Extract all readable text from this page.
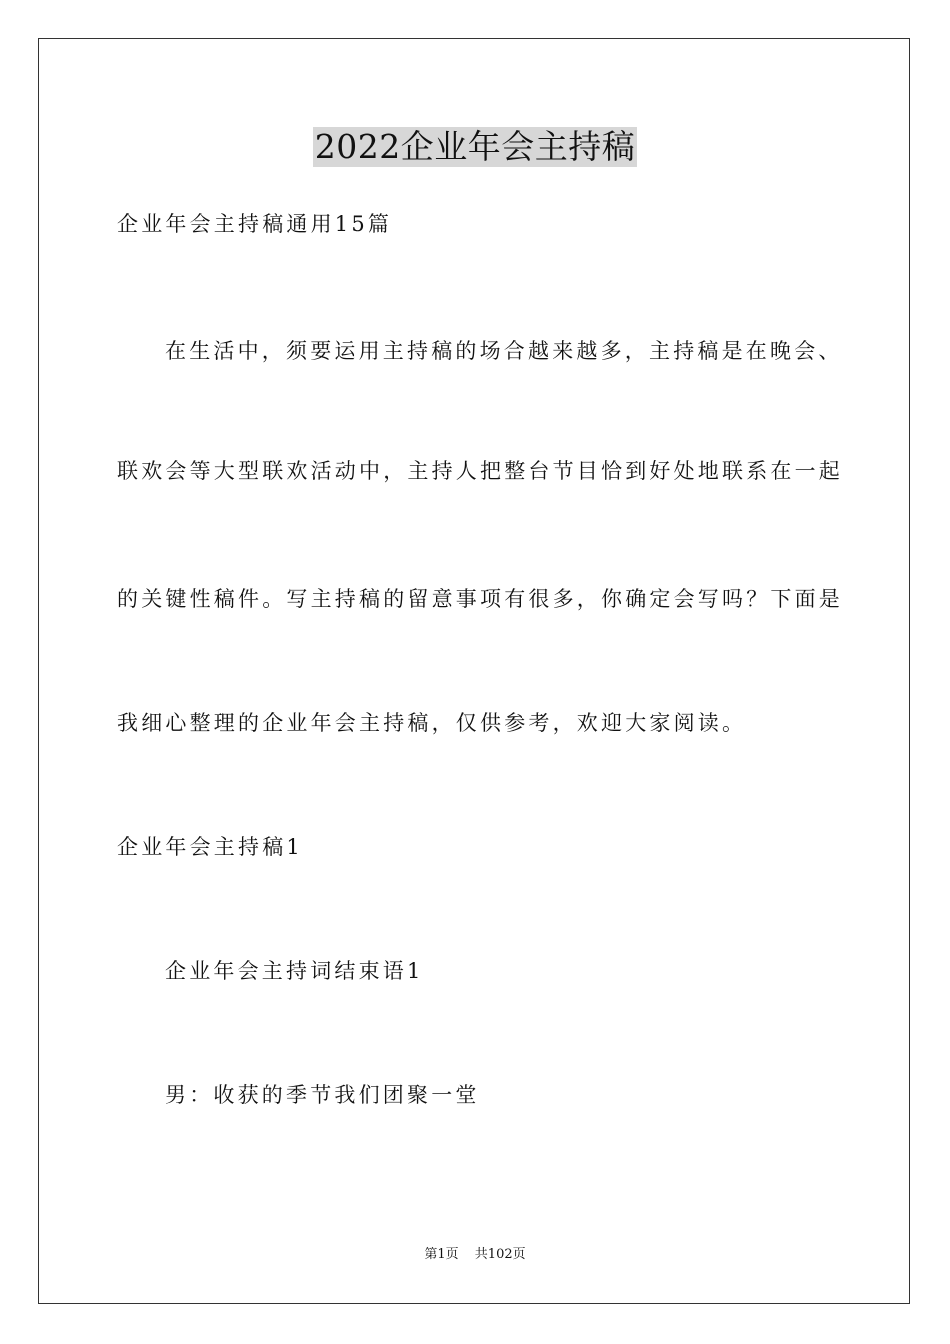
2022企业年会主持稿
企业年会主持稿通用15篇
在生活中，须要运用主持稿的场合越来越多，主持稿是在晚会、
联欢会等大型联欢活动中，主持人把整台节目恰到好处地联系在一起
的关键性稿件。写主持稿的留意事项有很多，你确定会写吗？下面是
我细心整理的企业年会主持稿，仅供参考，欢迎大家阅读。
企业年会主持稿1
企业年会主持词结束语1
男：收获的季节我们团聚一堂
第1页 共102页
